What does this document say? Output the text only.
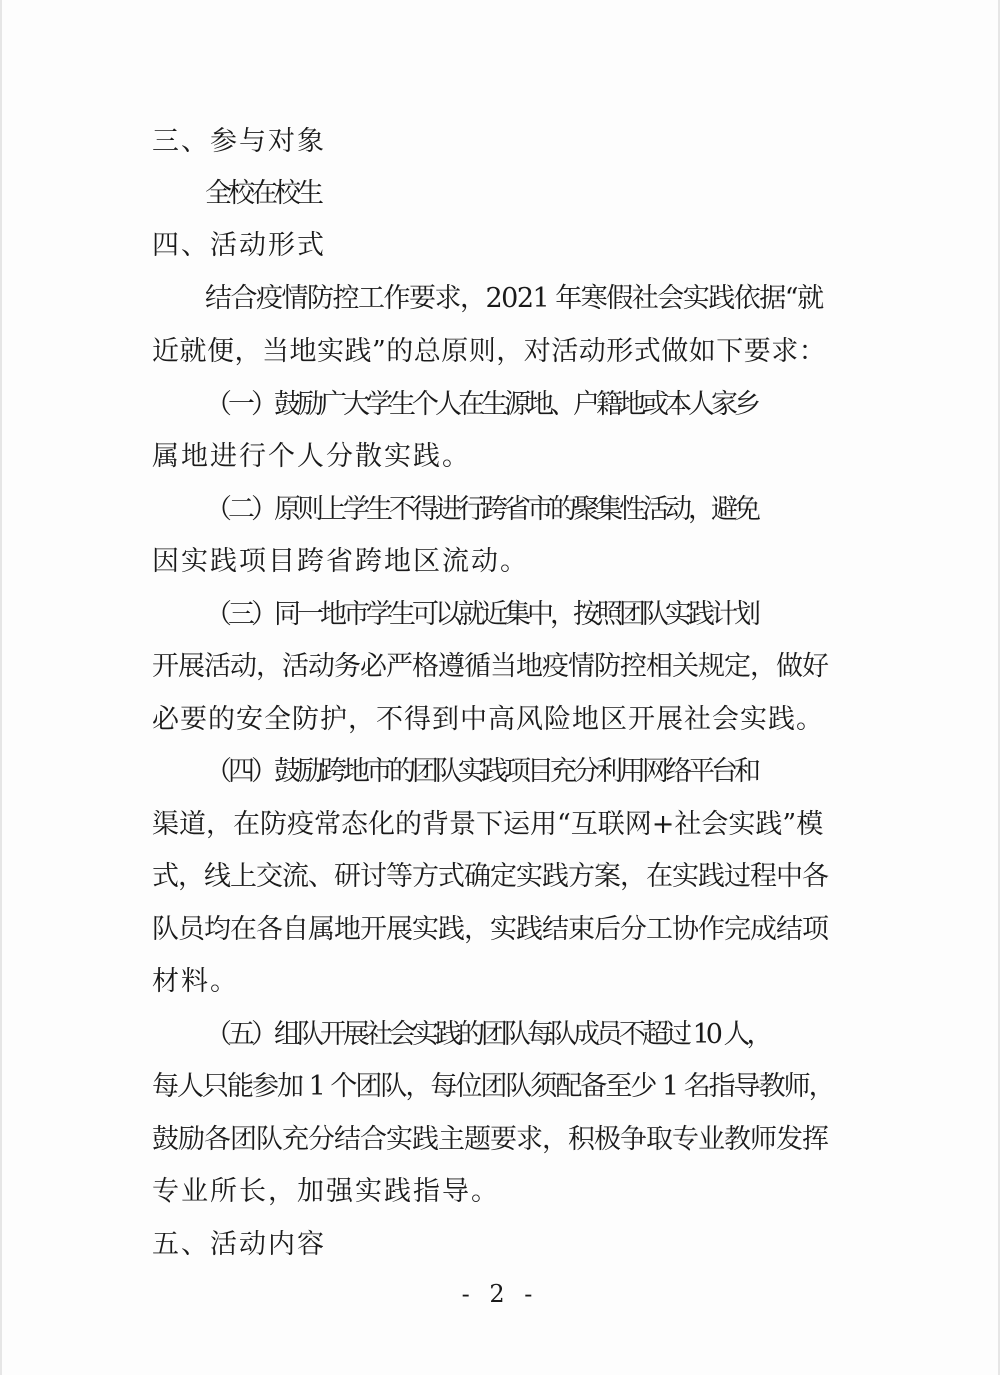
三、参与对象
全校在校生
四、活动形式
结合疫情防控工作要求，2021 年寒假社会实践依据“就
近就便，当地实践”的总原则，对活动形式做如下要求：
（一）鼓励广大学生个人在生源地、户籍地或本人家乡
属地进行个人分散实践。
（二）原则上学生不得进行跨省市的聚集性活动，避免
因实践项目跨省跨地区流动。
（三）同一地市学生可以就近集中，按照团队实践计划
开展活动，活动务必严格遵循当地疫情防控相关规定，做好
必要的安全防护，不得到中高风险地区开展社会实践。
（四）鼓励跨地市的团队实践项目充分利用网络平台和
渠道，在防疫常态化的背景下运用“互联网+社会实践”模
式，线上交流、研讨等方式确定实践方案，在实践过程中各
队员均在各自属地开展实践，实践结束后分工协作完成结项
材料。
（五）组队开展社会实践的团队每队成员不超过 10 人，
每人只能参加 1 个团队，每位团队须配备至少 1 名指导教师，
鼓励各团队充分结合实践主题要求，积极争取专业教师发挥
专业所长，加强实践指导。
五、活动内容
- 2 -
